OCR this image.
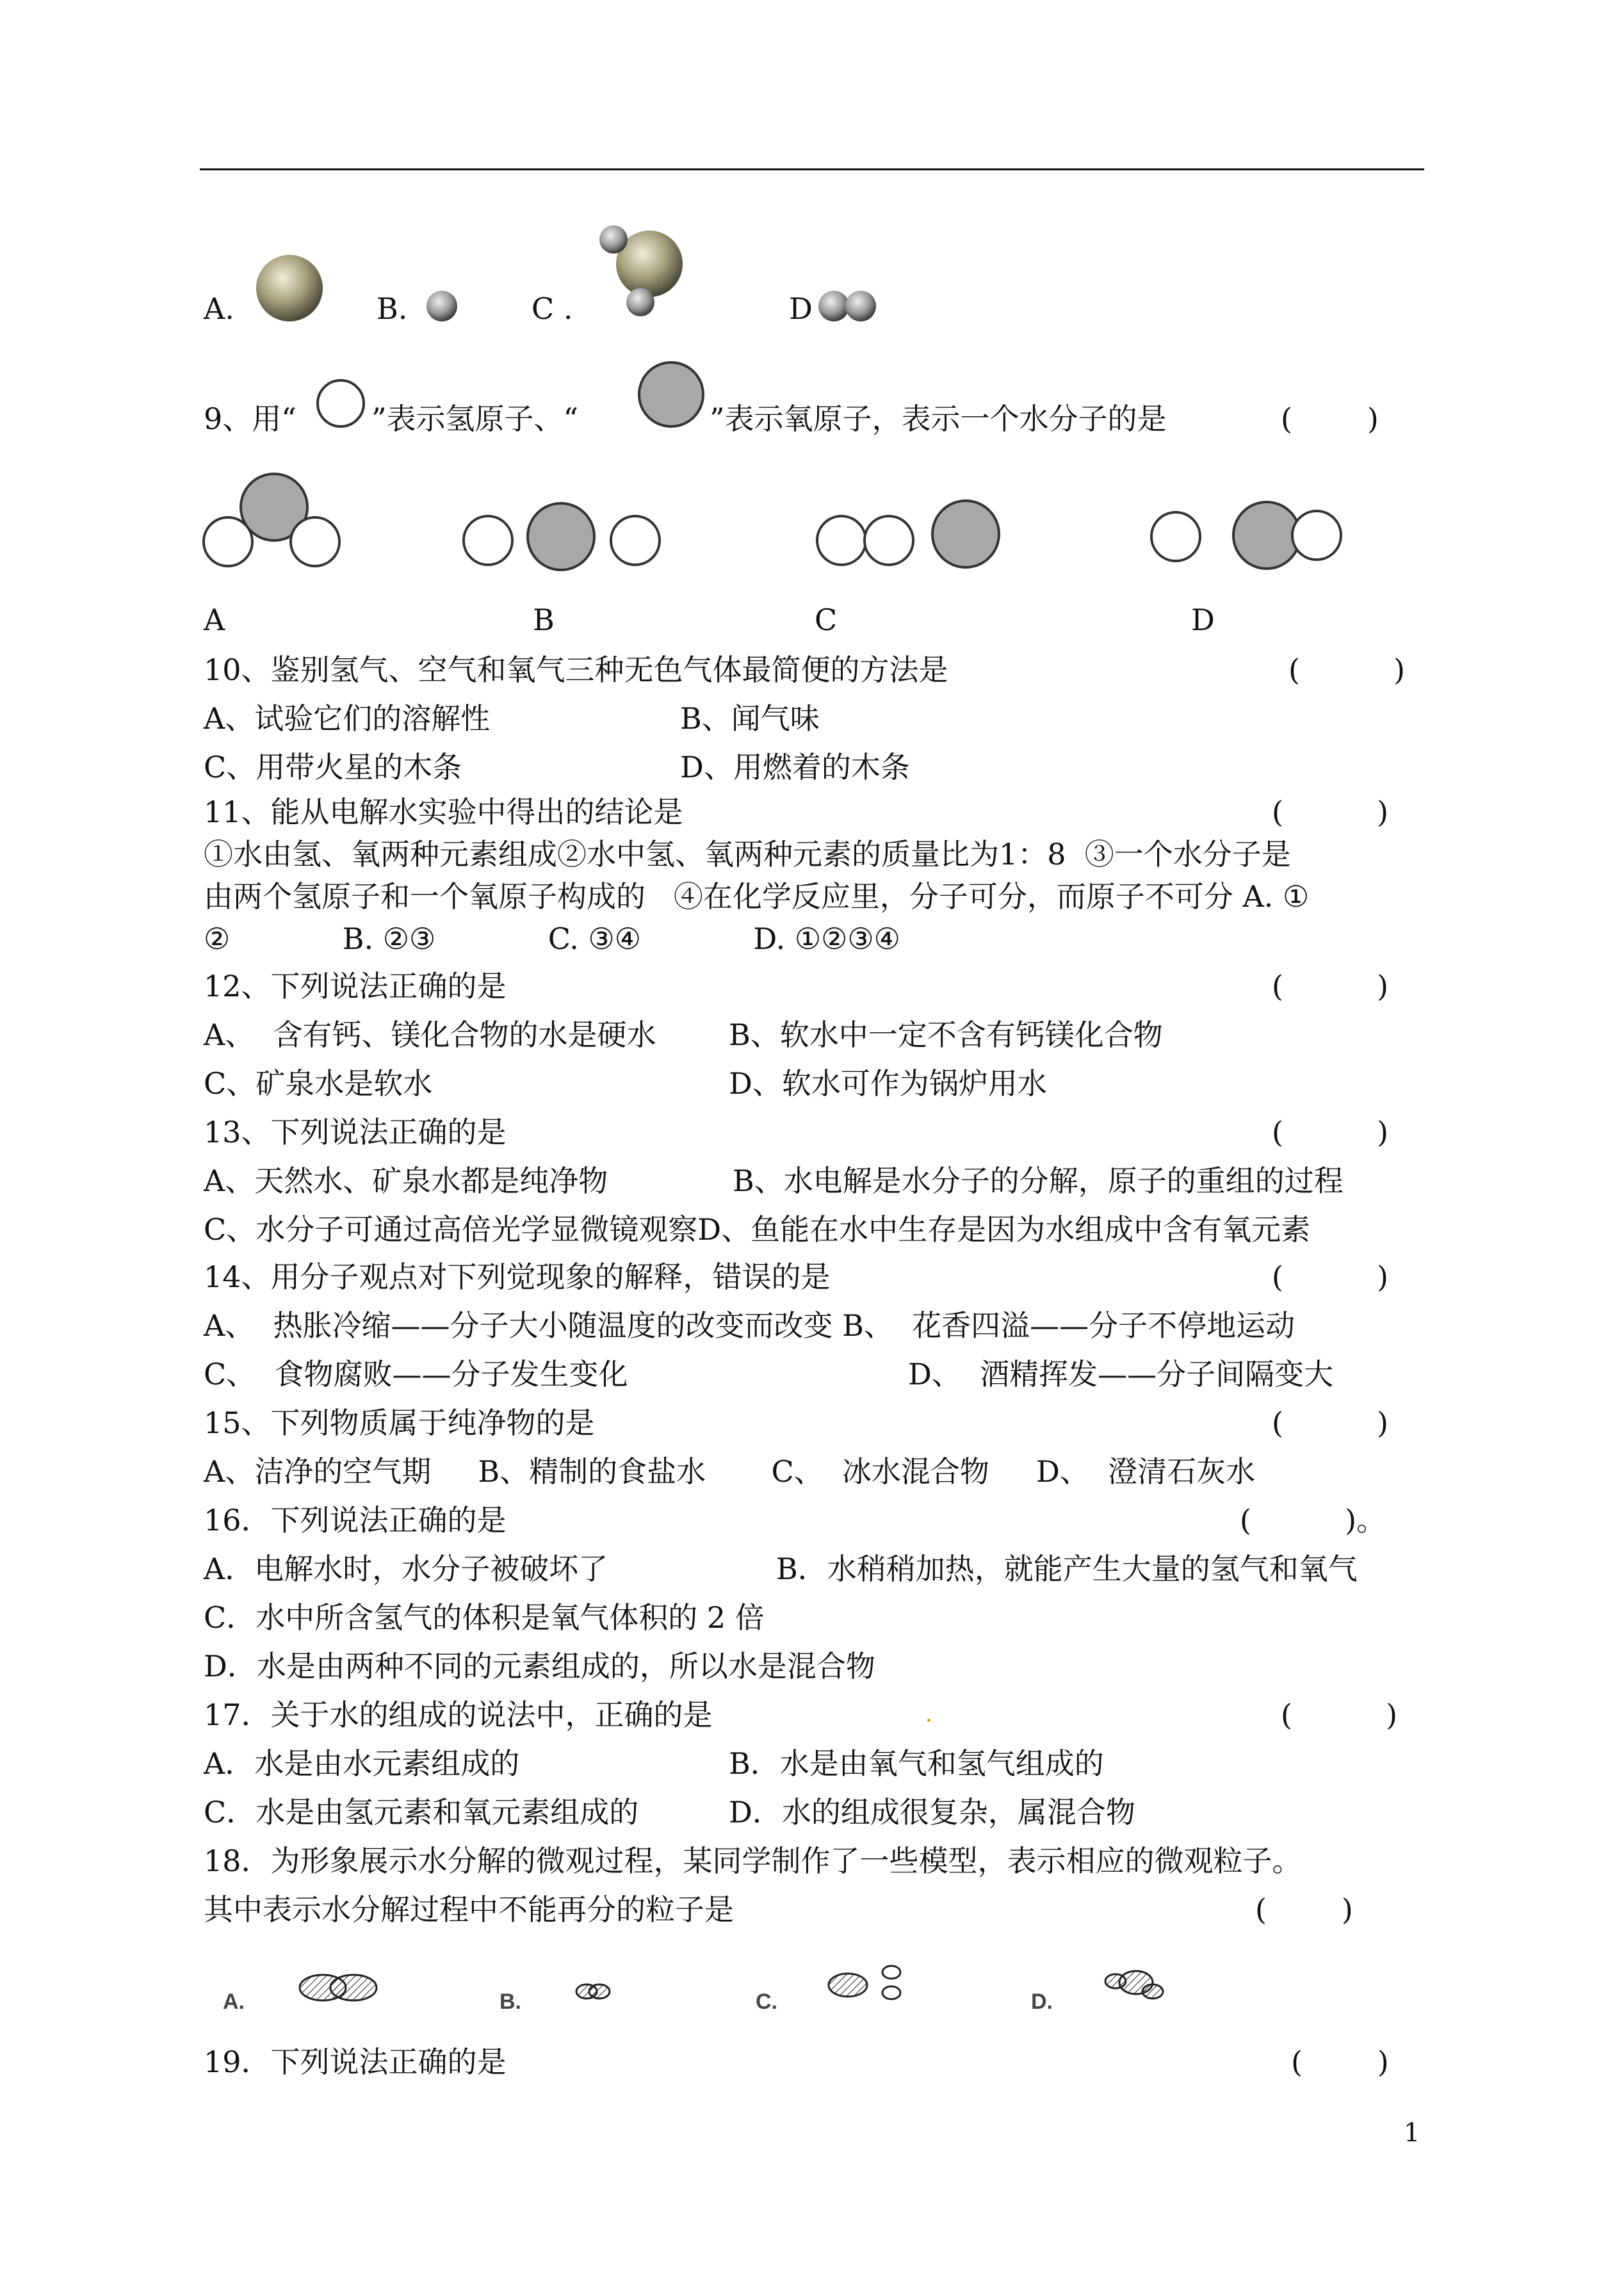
A.	B.	C .	D
9、用“	”表示氢原子、“	”表示氧原子，表示一个水分子的是	(        )
A	B	C	D
10、鉴别氢气、空气和氧气三种无色气体最简便的方法是	(          )
A、试验它们的溶解性	B、闻气味
C、用带火星的木条	D、用燃着的木条
11、能从电解水实验中得出的结论是	(          )
①水由氢、氧两种元素组成②水中氢、氧两种元素的质量比为1：8  ③一个水分子是
由两个氢原子和一个氧原子构成的   ④在化学反应里，分子可分，而原子不可分 A. ①
②            B. ②③            C. ③④            D. ①②③④
12、下列说法正确的是	(          )
A、  含有钙、镁化合物的水是硬水 B、软水中一定不含有钙镁化合物
C、矿泉水是软水	D、软水可作为锅炉用水
13、下列说法正确的是	(          )
A、天然水、矿泉水都是纯净物	B、水电解是水分子的分解，原子的重组的过程
C、水分子可通过高倍光学显微镜观察D、鱼能在水中生存是因为水组成中含有氧元素
14、用分子观点对下列觉现象的解释，错误的是	(          )
A、  热胀冷缩——分子大小随温度的改变而改变 B、  花香四溢——分子不停地运动
C、  食物腐败——分子发生变化	D、  酒精挥发——分子间隔变大
15、下列物质属于纯净物的是	(          )
A、洁净的空气期     B、精制的食盐水       C、  冰水混合物     D、  澄清石灰水
16．下列说法正确的是	(          )。
A．电解水时，水分子被破坏了	B．水稍稍加热，就能产生大量的氢气和氧气
C．水中所含氢气的体积是氧气体积的 2 倍
D．水是由两种不同的元素组成的，所以水是混合物
17．关于水的组成的说法中，正确的是	(          )
A．水是由水元素组成的	B．水是由氧气和氢气组成的
C．水是由氢元素和氧元素组成的	D．水的组成很复杂，属混合物
18．为形象展示水分解的微观过程，某同学制作了一些模型，表示相应的微观粒子。
其中表示水分解过程中不能再分的粒子是	(        )
A.	B.	C.	D.
19．下列说法正确的是	(        )
1
